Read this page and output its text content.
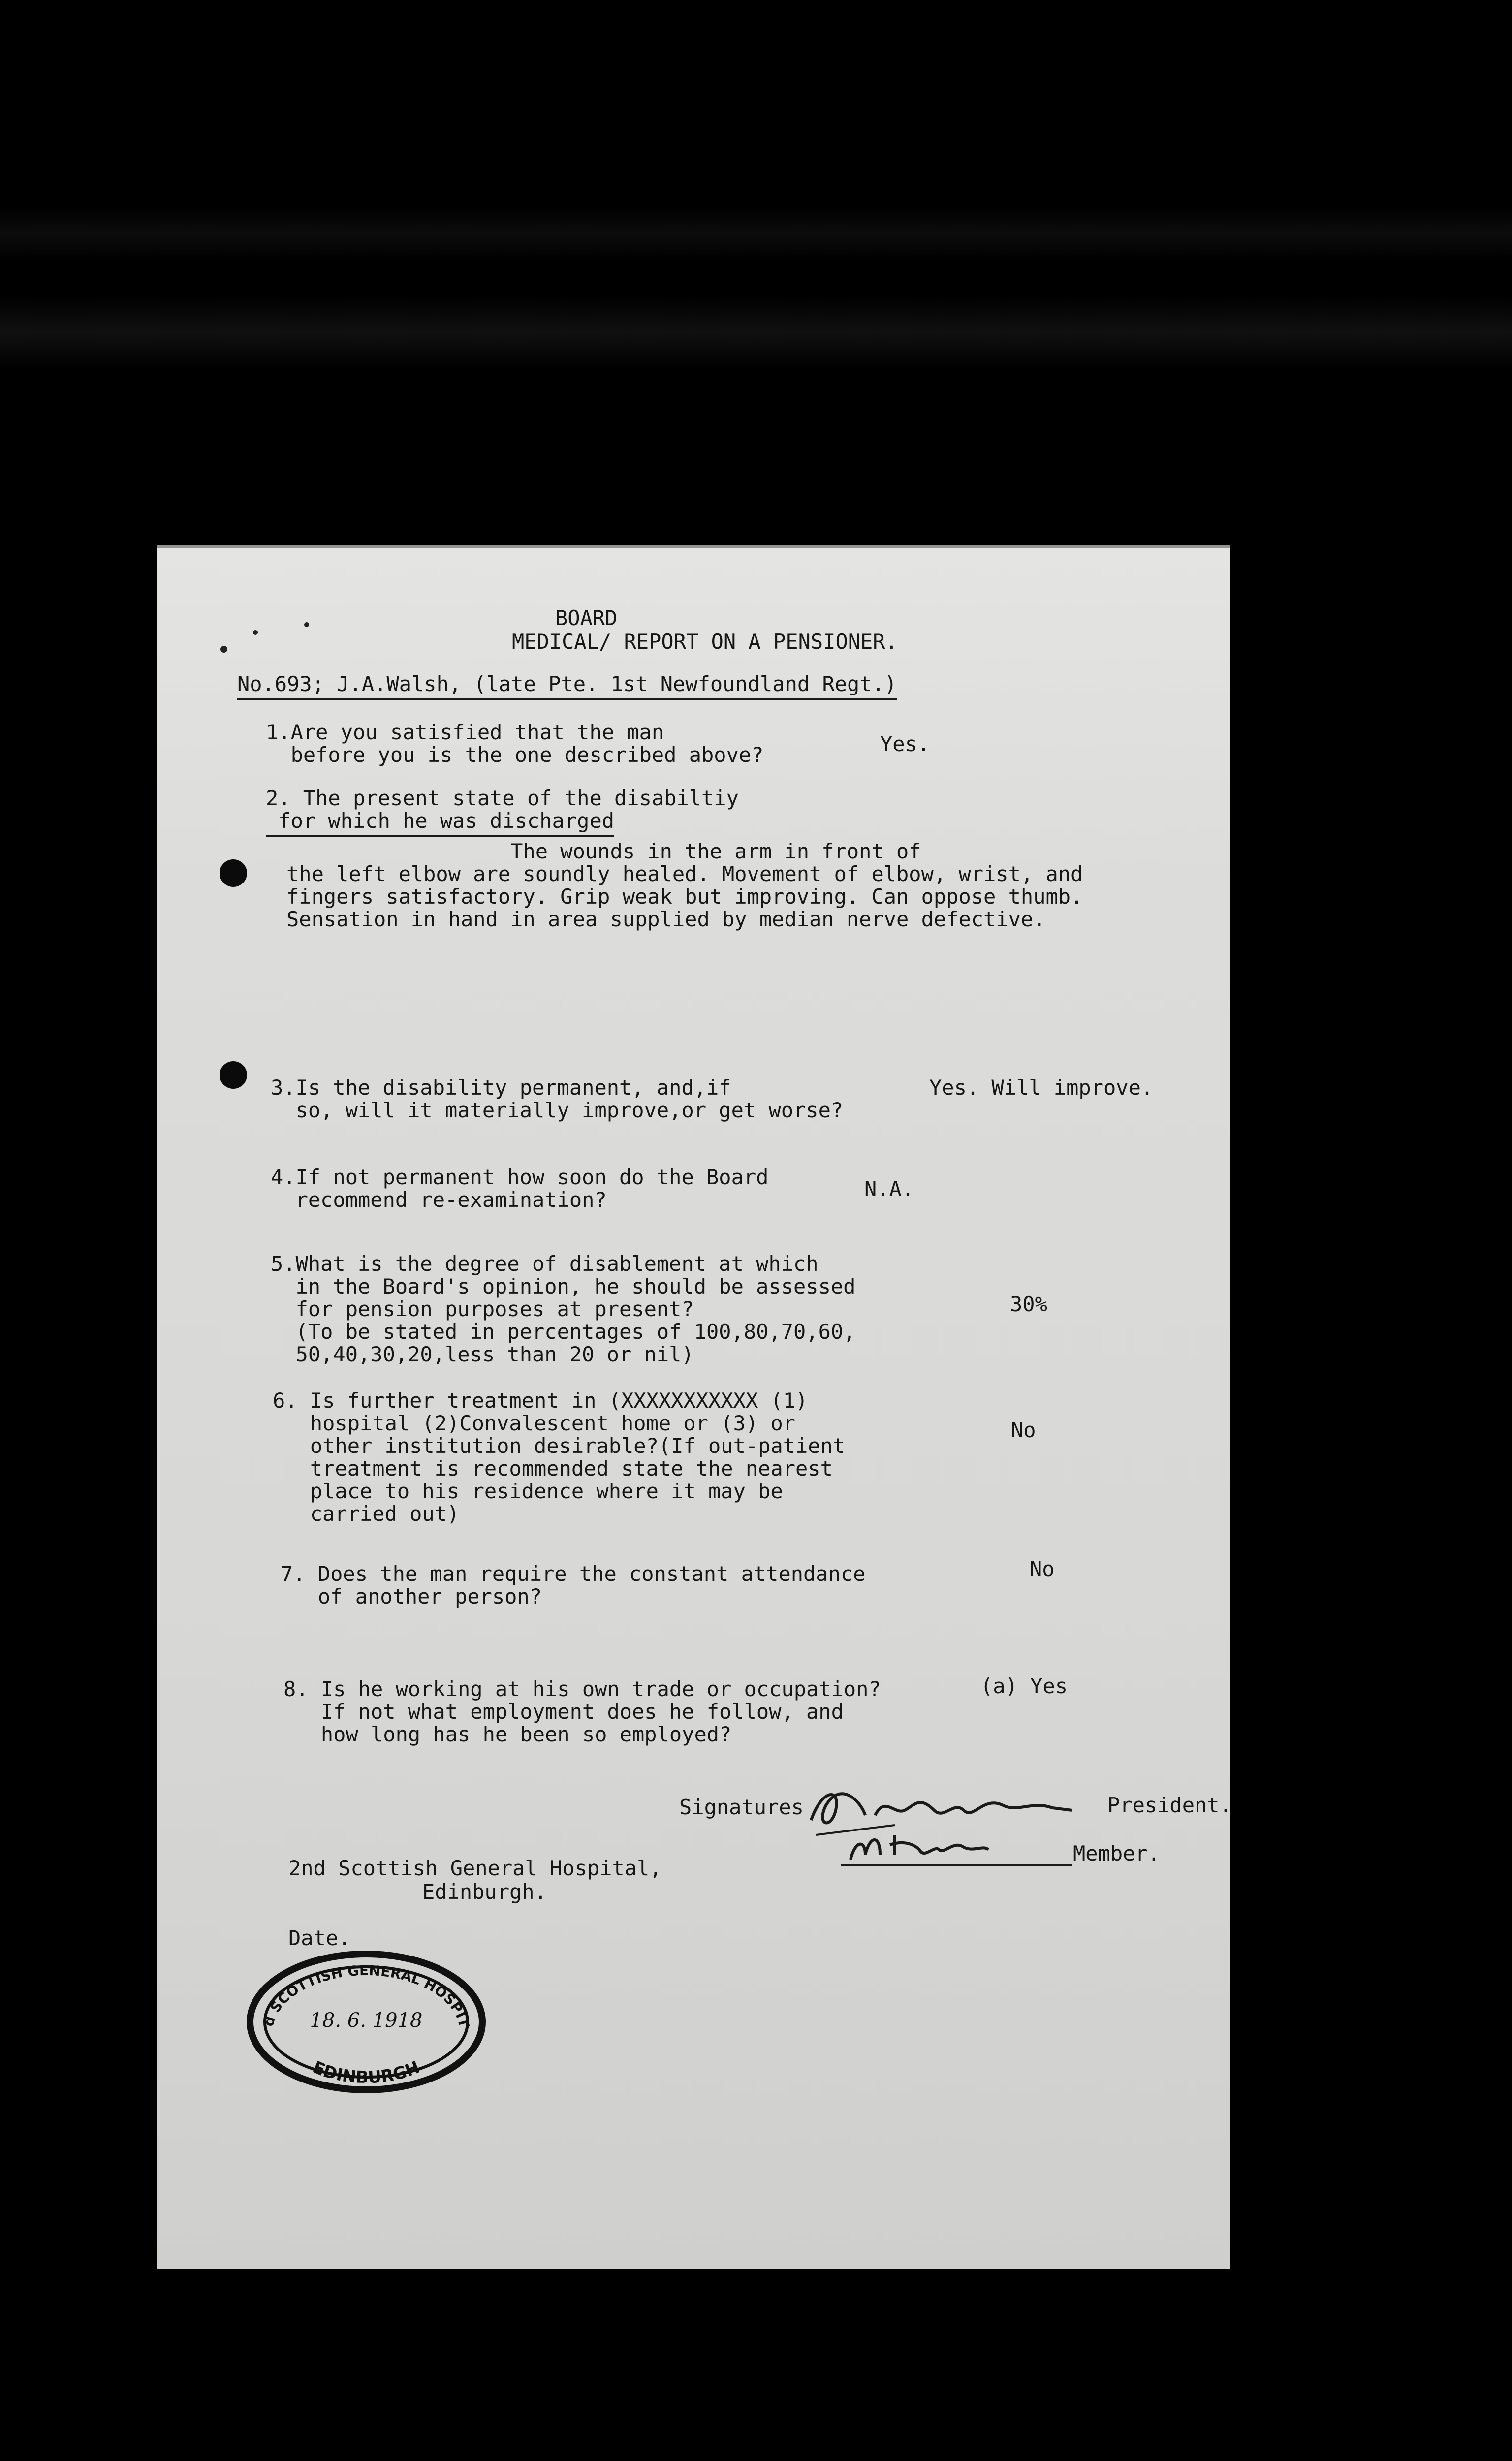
BOARD
MEDICAL/ REPORT ON A PENSIONER.
No.693; J.A.Walsh, (late Pte. 1st Newfoundland Regt.)
1.Are you satisfied that the man
before you is the one described above?	Yes.
2. The present state of the disabiltiy
for which he was discharged
The wounds in the arm in front of
the left elbow are soundly healed. Movement of elbow, wrist, and
fingers satisfactory. Grip weak but improving. Can oppose thumb.
Sensation in hand in area supplied by median nerve defective.
3.Is the disability permanent, and,if
so, will it materially improve,or get worse?
Yes. Will improve.
4.If not permanent how soon do the Board
recommend re-examination?	N.A.
5.What is the degree of disablement at which
in the Board's opinion, he should be assessed
for pension purposes at present?
(To be stated in percentages of 100,80,70,60,
50,40,30,20,less than 20 or nil)
30%
6. Is further treatment in (XXXXXXXXXXX (1)
hospital (2)Convalescent home or (3) or
other institution desirable?(If out-patient
treatment is recommended state the nearest
place to his residence where it may be
carried out)
No
7. Does the man require the constant attendance
of another person?
No
8. Is he working at his own trade or occupation?
If not what employment does he follow, and
how long has he been so employed?
(a) Yes
Signatures	President.
Member.
2nd Scottish General Hospital,
Edinburgh.
Date.
d SCOTTISH GENERAL HOSPIT
EDINBURGH
18. 6. 1918
